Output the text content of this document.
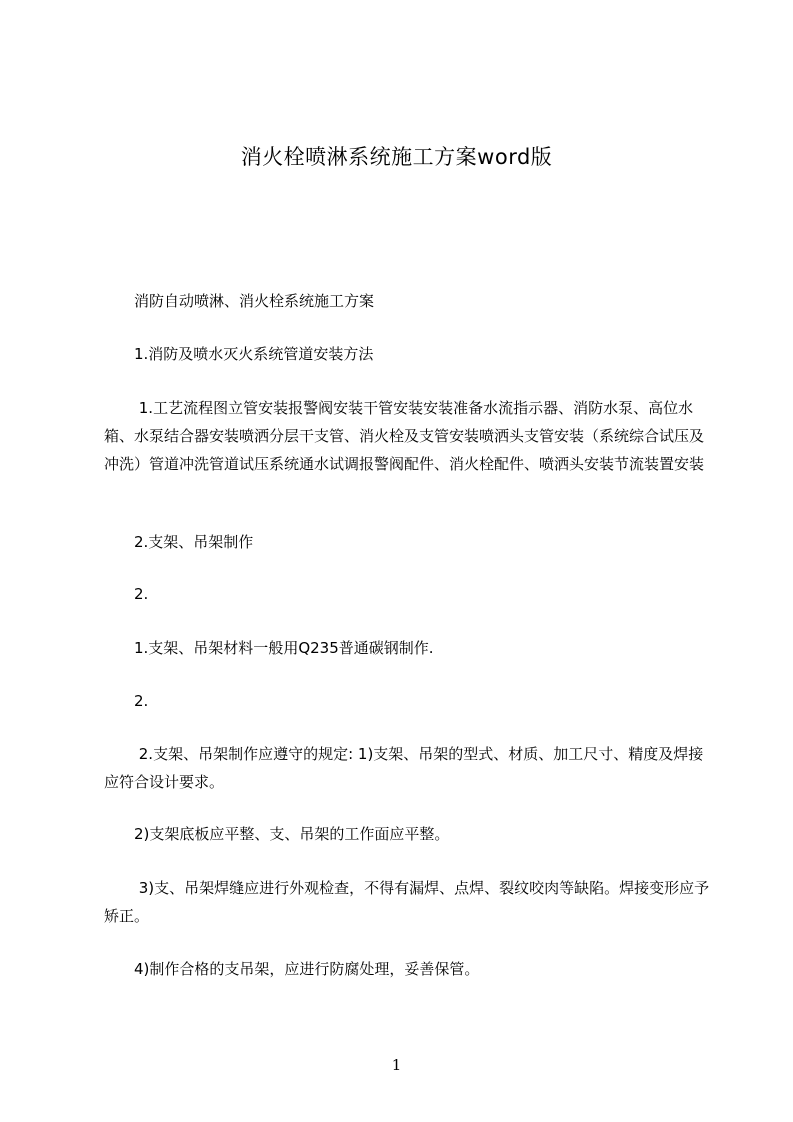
消火栓喷淋系统施工方案word版
　　消防自动喷淋、消火栓系统施工方案
　　1.消防及喷水灭火系统管道安装方法
　　 1.工艺流程图立管安装报警阀安装干管安装安装准备水流指示器、消防水泵、高位水箱、水泵结合器安装喷洒分层干支管、消火栓及支管安装喷洒头支管安装（系统综合试压及冲洗）管道冲洗管道试压系统通水试调报警阀配件、消火栓配件、喷洒头安装节流装置安装
　　2.支架、吊架制作
　　2.
　　1.支架、吊架材料一般用Q235普通碳钢制作.
　　2.
　　 2.支架、吊架制作应遵守的规定: 1)支架、吊架的型式、材质、加工尺寸、精度及焊接应符合设计要求。
　　2)支架底板应平整、支、吊架的工作面应平整。
　　 3)支、吊架焊缝应进行外观检查，不得有漏焊、点焊、裂纹咬肉等缺陷。焊接变形应予矫正。
　　4)制作合格的支吊架，应进行防腐处理，妥善保管。
1
